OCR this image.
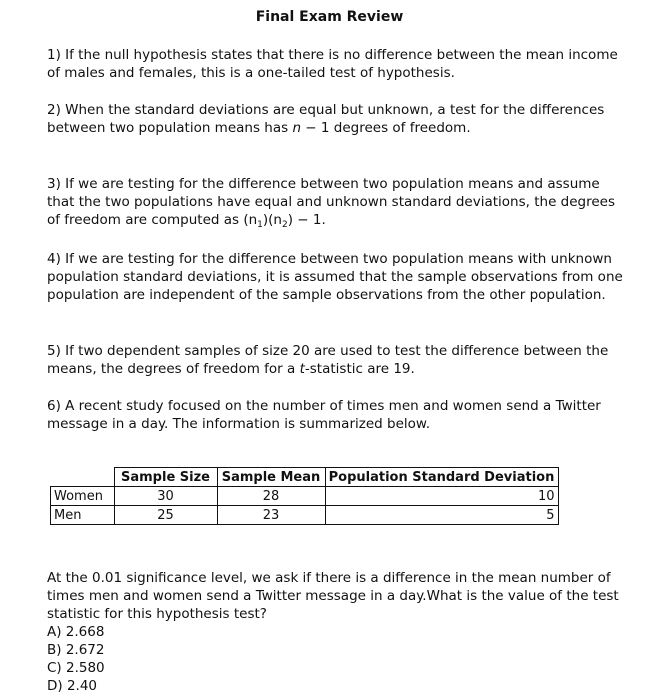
Final Exam Review
1) If the null hypothesis states that there is no difference between the mean income of males and females, this is a one-tailed test of hypothesis.
2) When the standard deviations are equal but unknown, a test for the differences between two population means has n − 1 degrees of freedom.
3) If we are testing for the difference between two population means and assume that the two populations have equal and unknown standard deviations, the degrees of freedom are computed as $(n_1)(n_2) - 1$.
4) If we are testing for the difference between two population means with unknown population standard deviations, it is assumed that the sample observations from one population are independent of the sample observations from the other population.
5) If two dependent samples of size 20 are used to test the difference between the means, the degrees of freedom for a t-statistic are 19.
6) A recent study focused on the number of times men and women send a Twitter message in a day. The information is summarized below.
	Sample Size	Sample Mean	Population Standard Deviation
Women	30	28	10
Men	25	23	5
At the 0.01 significance level, we ask if there is a difference in the mean number of times men and women send a Twitter message in a day.What is the value of the test statistic for this hypothesis test?
A) 2.668
B) 2.672
C) 2.580
D) 2.40
